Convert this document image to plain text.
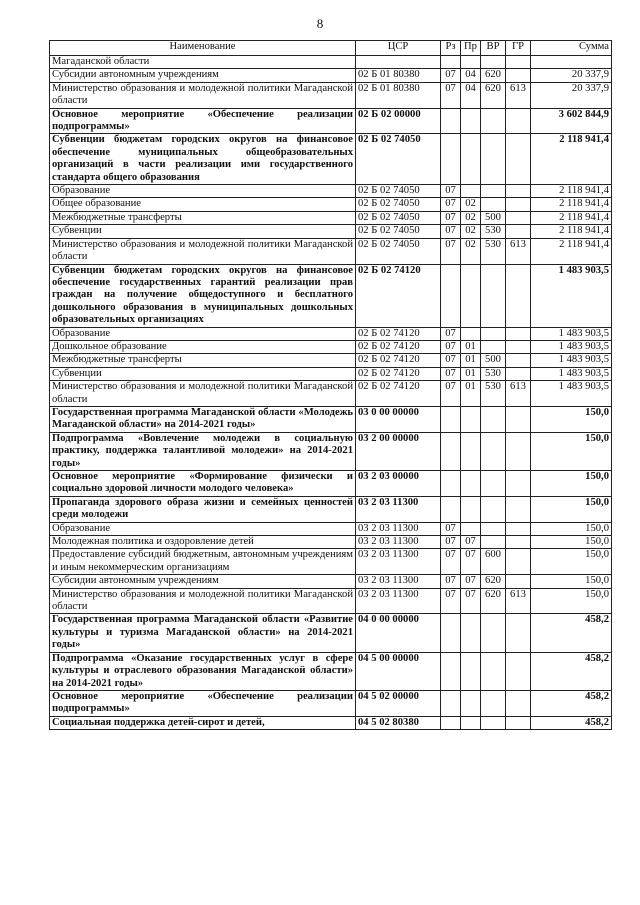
8
Наименование	ЦСР	Рз	Пр	ВР	ГР	Сумма
Магаданской области						
Субсидии автономным учреждениям	02 Б 01 80380	07	04	620		20 337,9
Министерство образования и молодежной политики Магаданской области	02 Б 01 80380	07	04	620	613	20 337,9
Основное мероприятие «Обеспечение реализации подпрограммы»	02 Б 02 00000					3 602 844,9
Субвенции бюджетам городских округов на финансовое обеспечение муниципальных общеобразовательных организаций в части реализации ими государственного стандарта общего образования	02 Б 02 74050					2 118 941,4
Образование	02 Б 02 74050	07				2 118 941,4
Общее образование	02 Б 02 74050	07	02			2 118 941,4
Межбюджетные трансферты	02 Б 02 74050	07	02	500		2 118 941,4
Субвенции	02 Б 02 74050	07	02	530		2 118 941,4
Министерство образования и молодежной политики Магаданской области	02 Б 02 74050	07	02	530	613	2 118 941,4
Субвенции бюджетам городских округов на финансовое обеспечение государственных гарантий реализации прав граждан на получение общедоступного и бесплатного дошкольного образования в муниципальных дошкольных образовательных организациях	02 Б 02 74120					1 483 903,5
Образование	02 Б 02 74120	07				1 483 903,5
Дошкольное образование	02 Б 02 74120	07	01			1 483 903,5
Межбюджетные трансферты	02 Б 02 74120	07	01	500		1 483 903,5
Субвенции	02 Б 02 74120	07	01	530		1 483 903,5
Министерство образования и молодежной политики Магаданской области	02 Б 02 74120	07	01	530	613	1 483 903,5
Государственная программа Магаданской области «Молодежь Магаданской области» на 2014-2021 годы»	03 0 00 00000					150,0
Подпрограмма «Вовлечение молодежи в социальную практику, поддержка талантливой молодежи» на 2014-2021 годы»	03 2 00 00000					150,0
Основное мероприятие «Формирование физически и социально здоровой личности молодого человека»	03 2 03 00000					150,0
Пропаганда здорового образа жизни и семейных ценностей среди молодежи	03 2 03 11300					150,0
Образование	03 2 03 11300	07				150,0
Молодежная политика и оздоровление детей	03 2 03 11300	07	07			150,0
Предоставление субсидий бюджетным, автономным учреждениям и иным некоммерческим организациям	03 2 03 11300	07	07	600		150,0
Субсидии автономным учреждениям	03 2 03 11300	07	07	620		150,0
Министерство образования и молодежной политики Магаданской области	03 2 03 11300	07	07	620	613	150,0
Государственная программа Магаданской области «Развитие культуры и туризма Магаданской области» на 2014-2021 годы»	04 0 00 00000					458,2
Подпрограмма «Оказание государственных услуг в сфере культуры и отраслевого образования Магаданской области» на 2014-2021 годы»	04 5 00 00000					458,2
Основное мероприятие «Обеспечение реализации подпрограммы»	04 5 02 00000					458,2
Социальная поддержка детей-сирот и детей,	04 5 02 80380					458,2
